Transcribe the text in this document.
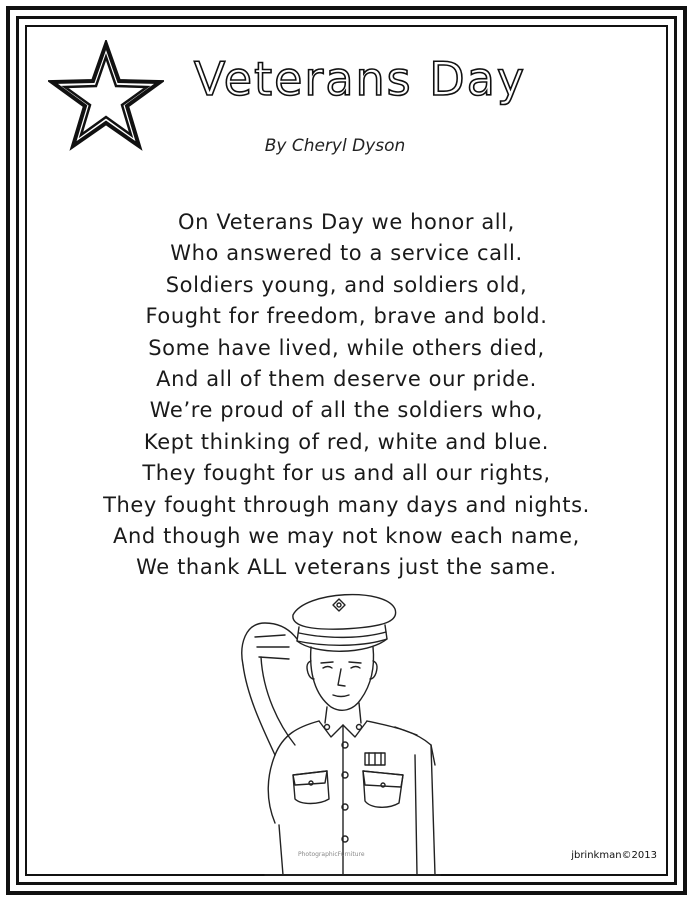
Veterans Day
By Cheryl Dyson
On Veterans Day we honor all,
Who answered to a service call.
Soldiers young, and soldiers old,
Fought for freedom, brave and bold.
Some have lived, while others died,
And all of them deserve our pride.
We’re proud of all the soldiers who,
Kept thinking of red, white and blue.
They fought for us and all our rights,
They fought through many days and nights.
And though we may not know each name,
We thank ALL veterans just the same.
PhotographicFurniture	jbrinkman©2013
